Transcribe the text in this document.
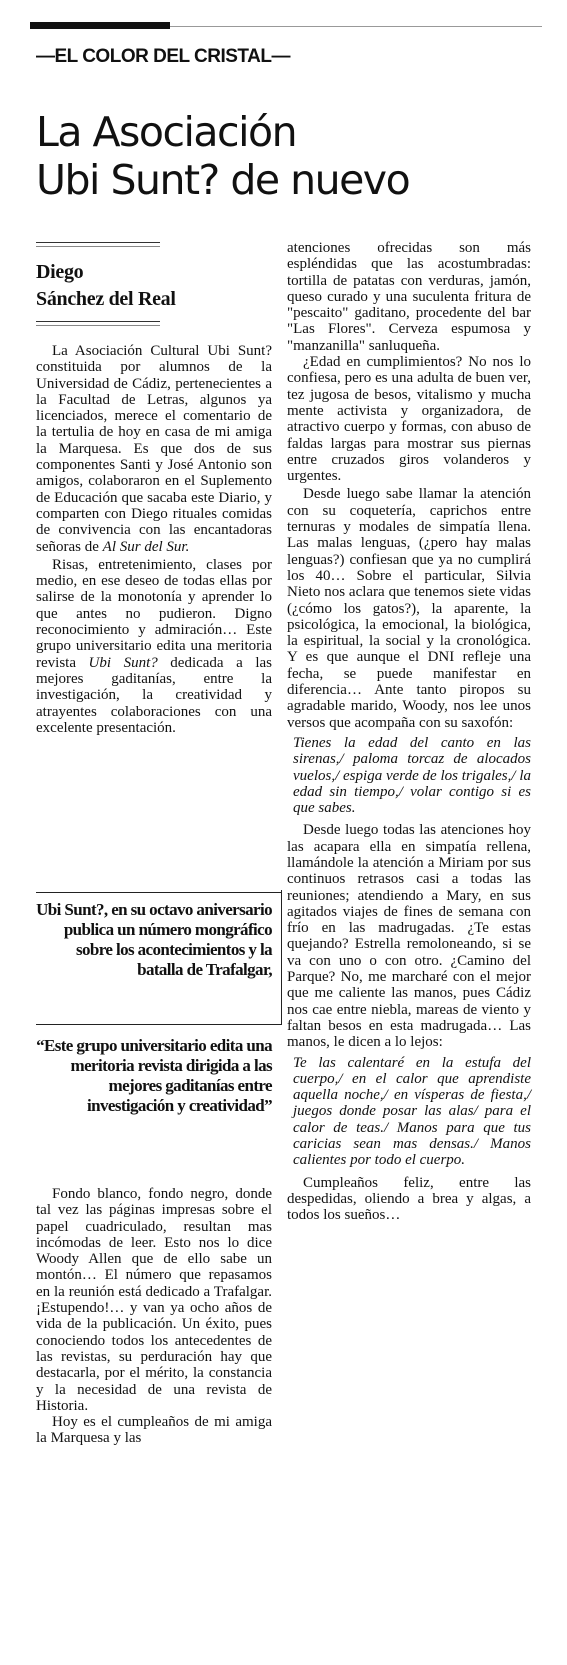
—EL COLOR DEL CRISTAL—
La Asociación
Ubi Sunt? de nuevo
Diego
Sánchez del Real

La Asociación Cultural Ubi Sunt? constituida por alumnos de la Universidad de Cádiz, pertenecientes a la Facultad de Letras, algunos ya licenciados, merece el comentario de la tertulia de hoy en casa de mi amiga la Marquesa. Es que dos de sus componentes Santi y José Antonio son amigos, colaboraron en el Suplemento de Educación que sacaba este Diario, y comparten con Diego rituales comidas de convivencia con las encantadoras señoras de Al Sur del Sur.

Risas, entretenimiento, clases por medio, en ese deseo de todas ellas por salirse de la monotonía y aprender lo que antes no pudieron. Digno reconocimiento y admiración… Este grupo universitario edita una meritoria revista Ubi Sunt? dedicada a las mejores gaditanías, entre la investigación, la creatividad y atrayentes colaboraciones con una excelente presentación.

Ubi Sunt?, en su octavo aniversario publica un número mongráfico sobre los acontecimientos y la batalla de Trafalgar,
“Este grupo universitario edita una meritoria revista dirigida a las mejores gaditanías entre investigación y creatividad”

Fondo blanco, fondo negro, donde tal vez las páginas impresas sobre el papel cuadriculado, resultan mas incómodas de leer. Esto nos lo dice Woody Allen que de ello sabe un montón… El número que repasamos en la reunión está dedicado a Trafalgar. ¡Estupendo!… y van ya ocho años de vida de la publicación. Un éxito, pues conociendo todos los antecedentes de las revistas, su perduración hay que destacarla, por el mérito, la constancia y la necesidad de una revista de Historia.

Hoy es el cumpleaños de mi amiga la Marquesa y las

atenciones ofrecidas son más espléndidas que las acostumbradas: tortilla de patatas con verduras, jamón, queso curado y una suculenta fritura de "pescaito" gaditano, procedente del bar "Las Flores". Cerveza espumosa y "manzanilla" sanluqueña.

¿Edad en cumplimientos? No nos lo confiesa, pero es una adulta de buen ver, tez jugosa de besos, vitalismo y mucha mente activista y organizadora, de atractivo cuerpo y formas, con abuso de faldas largas para mostrar sus piernas entre cruzados giros volanderos y urgentes.

Desde luego sabe llamar la atención con su coquetería, caprichos entre ternuras y modales de simpatía llena. Las malas lenguas, (¿pero hay malas lenguas?) confiesan que ya no cumplirá los 40… Sobre el particular, Silvia Nieto nos aclara que tenemos siete vidas (¿cómo los gatos?), la aparente, la psicológica, la emocional, la biológica, la espiritual, la social y la cronológica. Y es que aunque el DNI refleje una fecha, se puede manifestar en diferencia… Ante tanto piropos su agradable marido, Woody, nos lee unos versos que acompaña con su saxofón:

Tienes la edad del canto en las sirenas,/ paloma torcaz de alocados vuelos,/ espiga verde de los trigales,/ la edad sin tiempo,/ volar contigo si es que sabes.

Desde luego todas las atenciones hoy las acapara ella en simpatía rellena, llamándole la atención a Miriam por sus continuos retrasos casi a todas las reuniones; atendiendo a Mary, en sus agitados viajes de fines de semana con frío en las madrugadas. ¿Te estas quejando? Estrella remoloneando, si se va con uno o con otro. ¿Camino del Parque? No, me marcharé con el mejor que me caliente las manos, pues Cádiz nos cae entre niebla, mareas de viento y faltan besos en esta madrugada… Las manos, le dicen a lo lejos:

Te las calentaré en la estufa del cuerpo,/ en el calor que aprendiste aquella noche,/ en vísperas de fiesta,/ juegos donde posar las alas/ para el calor de teas./ Manos para que tus caricias sean mas densas./ Manos calientes por todo el cuerpo.

Cumpleaños feliz, entre las despedidas, oliendo a brea y algas, a todos los sueños…
